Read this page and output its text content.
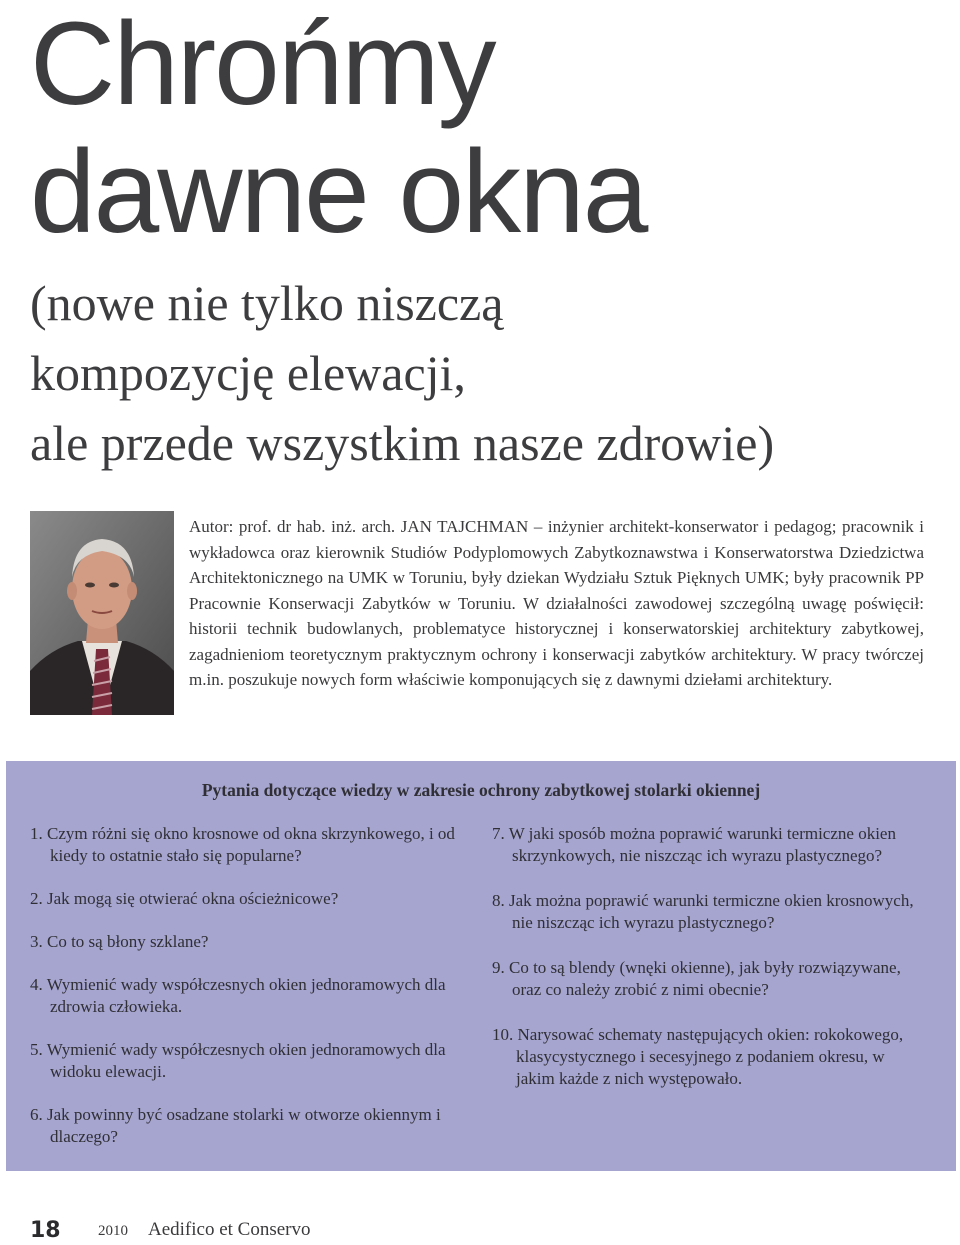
Chrońmy
dawne okna
(nowe nie tylko niszczą
kompozycję elewacji,
ale przede wszystkim nasze zdrowie)

Autor: prof. dr hab. inż. arch. JAN TAJCHMAN – inżynier architekt-konserwator i pedagog; pracownik i wykładowca oraz kierownik Studiów Podyplomowych Zabytkoznawstwa i Konserwatorstwa Dziedzictwa Architektonicznego na UMK w Toruniu, były dziekan Wydziału Sztuk Pięknych UMK; były pracownik PP Pracownie Konserwacji Zabytków w Toruniu. W działalności zawodowej szczególną uwagę poświęcił: historii technik budowlanych, problematyce historycznej i konserwatorskiej architektury zabytkowej, zagadnieniom teoretycznym praktycznym ochrony i konserwacji zabytków architektury. W pracy twórczej m.in. poszukuje nowych form właściwie komponujących się z dawnymi dziełami architektury.

Pytania dotyczące wiedzy w zakresie ochrony zabytkowej stolarki okiennej
1. Czym różni się okno krosnowe od okna skrzynkowego, i od kiedy to ostatnie stało się popularne?
2. Jak mogą się otwierać okna ościeżnicowe?
3. Co to są błony szklane?
4. Wymienić wady współczesnych okien jednoramowych dla zdrowia człowieka.
5. Wymienić wady współczesnych okien jednoramowych dla widoku elewacji.
6. Jak powinny być osadzane stolarki w otworze okiennym i dlaczego?
7. W jaki sposób można poprawić warunki termiczne okien skrzynkowych, nie niszcząc ich wyrazu plastycznego?
8. Jak można poprawić warunki termiczne okien krosnowych, nie niszcząc ich wyrazu plastycznego?
9. Co to są blendy (wnęki okienne), jak były rozwiązywane, oraz co należy zrobić z nimi obecnie?
10. Narysować schematy następujących okien: rokokowego, klasycystycznego i secesyjnego z podaniem okresu, w jakim każde z nich występowało.
18 2010 Aedifico et Conservo
